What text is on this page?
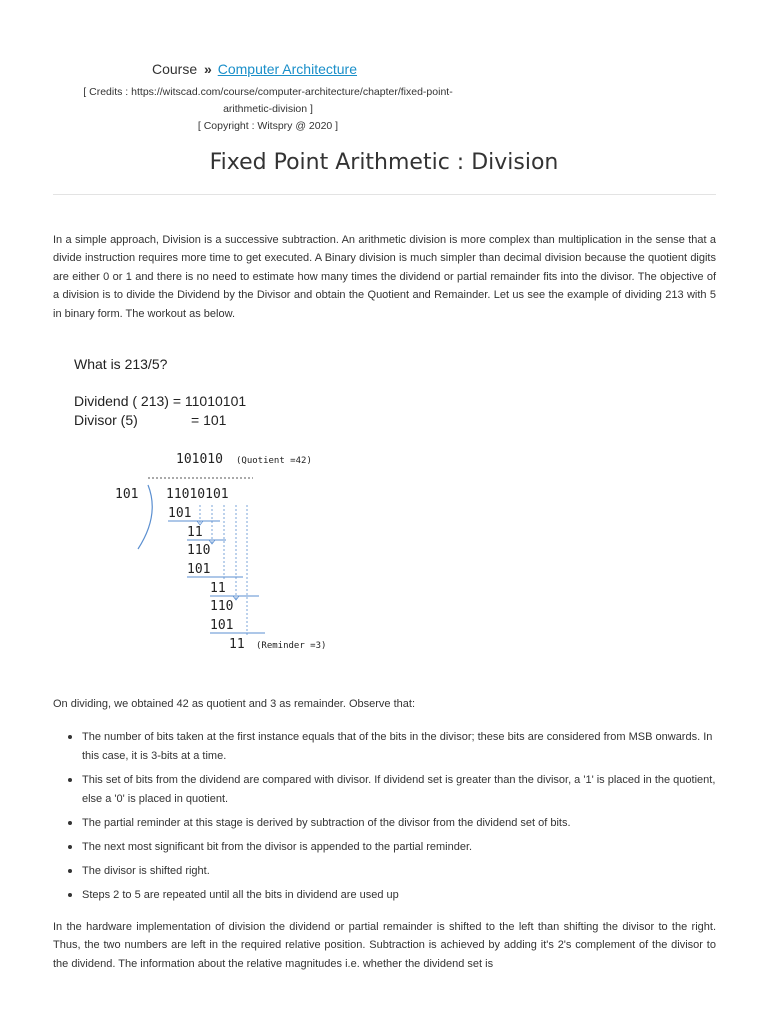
Course » Computer Architecture
[ Credits : https://witscad.com/course/computer-architecture/chapter/fixed-point-
arithmetic-division ]
[ Copyright : Witspry @ 2020 ]
Fixed Point Arithmetic : Division

In a simple approach, Division is a successive subtraction. An arithmetic division is more complex than multiplication in the sense that a divide instruction requires more time to get executed. A Binary division is much simpler than decimal division because the quotient digits are either 0 or 1 and there is no need to estimate how many times the dividend or partial remainder fits into the divisor. The objective of a division is to divide the Dividend by the Divisor and obtain the Quotient and Remainder. Let us see the example of dividing 213 with 5 in binary form. The workout as below.

What is 213/5?
Dividend ( 213) = 11010101
Divisor (5)	= 101
101010 (Quotient =42)
101 11010101
101
11
110
101
11
110
101
11 (Reminder =3)

On dividing, we obtained 42 as quotient and 3 as remainder. Observe that:

The number of bits taken at the first instance equals that of the bits in the divisor; these bits are considered from MSB onwards. In this case, it is 3-bits at a time.
This set of bits from the dividend are compared with divisor. If dividend set is greater than the divisor, a '1' is placed in the quotient, else a '0' is placed in quotient.
The partial reminder at this stage is derived by subtraction of the divisor from the dividend set of bits.
The next most significant bit from the divisor is appended to the partial reminder.
The divisor is shifted right.
Steps 2 to 5 are repeated until all the bits in dividend are used up

In the hardware implementation of division the dividend or partial remainder is shifted to the left than shifting the divisor to the right. Thus, the two numbers are left in the required relative position. Subtraction is achieved by adding it's 2's complement of the divisor to the dividend. The information about the relative magnitudes i.e. whether the dividend set is
